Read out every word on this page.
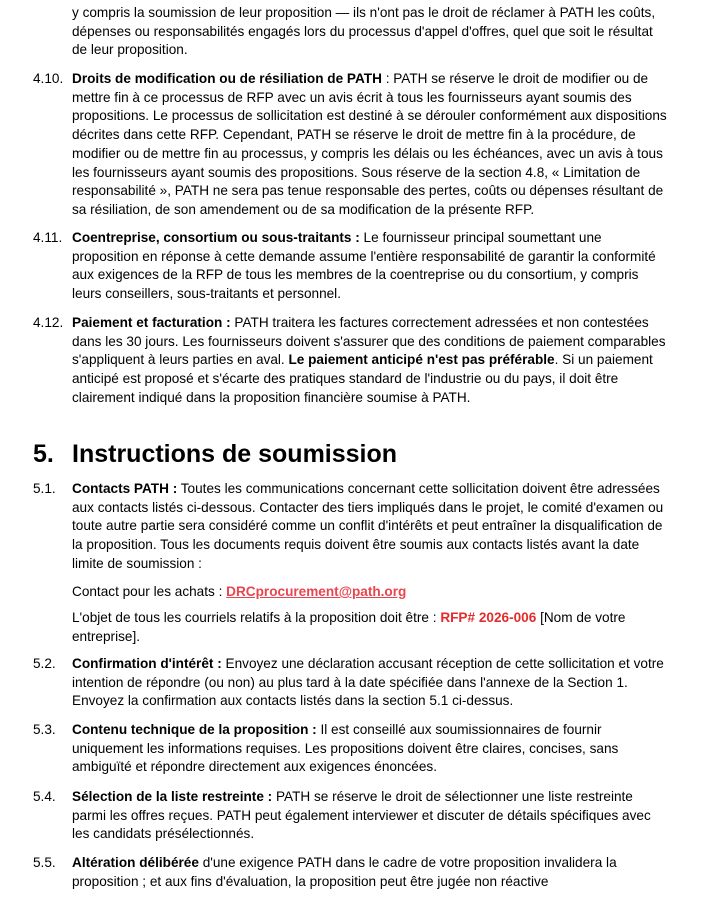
y compris la soumission de leur proposition — ils n'ont pas le droit de réclamer à PATH les coûts,

dépenses ou responsabilités engagés lors du processus d'appel d'offres, quel que soit le résultat

de leur proposition.

4.10. Droits de modification ou de résiliation de PATH : PATH se réserve le droit de modifier ou de

mettre fin à ce processus de RFP avec un avis écrit à tous les fournisseurs ayant soumis des

propositions. Le processus de sollicitation est destiné à se dérouler conformément aux dispositions

décrites dans cette RFP. Cependant, PATH se réserve le droit de mettre fin à la procédure, de

modifier ou de mettre fin au processus, y compris les délais ou les échéances, avec un avis à tous

les fournisseurs ayant soumis des propositions. Sous réserve de la section 4.8, « Limitation de

responsabilité », PATH ne sera pas tenue responsable des pertes, coûts ou dépenses résultant de

sa résiliation, de son amendement ou de sa modification de la présente RFP.

4.11. Coentreprise, consortium ou sous-traitants : Le fournisseur principal soumettant une

proposition en réponse à cette demande assume l'entière responsabilité de garantir la conformité

aux exigences de la RFP de tous les membres de la coentreprise ou du consortium, y compris

leurs conseillers, sous-traitants et personnel.

4.12. Paiement et facturation : PATH traitera les factures correctement adressées et non contestées

dans les 30 jours. Les fournisseurs doivent s'assurer que des conditions de paiement comparables

s'appliquent à leurs parties en aval. Le paiement anticipé n'est pas préférable. Si un paiement

anticipé est proposé et s'écarte des pratiques standard de l'industrie ou du pays, il doit être

clairement indiqué dans la proposition financière soumise à PATH.

5. Instructions de soumission
5.1. Contacts PATH : Toutes les communications concernant cette sollicitation doivent être adressées

aux contacts listés ci-dessous. Contacter des tiers impliqués dans le projet, le comité d'examen ou

toute autre partie sera considéré comme un conflit d'intérêts et peut entraîner la disqualification de

la proposition. Tous les documents requis doivent être soumis aux contacts listés avant la date

limite de soumission :

Contact pour les achats : DRCprocurement@path.org

L'objet de tous les courriels relatifs à la proposition doit être : RFP# 2026-006 [Nom de votre

entreprise].

5.2. Confirmation d'intérêt : Envoyez une déclaration accusant réception de cette sollicitation et votre

intention de répondre (ou non) au plus tard à la date spécifiée dans l'annexe de la Section 1.

Envoyez la confirmation aux contacts listés dans la section 5.1 ci-dessus.

5.3. Contenu technique de la proposition : Il est conseillé aux soumissionnaires de fournir

uniquement les informations requises. Les propositions doivent être claires, concises, sans

ambiguïté et répondre directement aux exigences énoncées.

5.4. Sélection de la liste restreinte : PATH se réserve le droit de sélectionner une liste restreinte

parmi les offres reçues. PATH peut également interviewer et discuter de détails spécifiques avec

les candidats présélectionnés.

5.5. Altération délibérée d'une exigence PATH dans le cadre de votre proposition invalidera la

proposition ; et aux fins d'évaluation, la proposition peut être jugée non réactive
